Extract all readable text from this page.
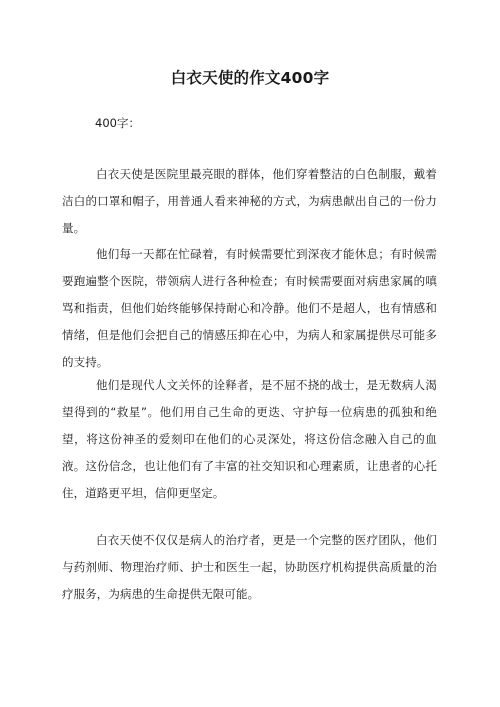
白衣天使的作文400字
400字：

白衣天使是医院里最亮眼的群体，他们穿着整洁的白色制服，戴着洁白的口罩和帽子，用普通人看来神秘的方式，为病患献出自己的一份力量。

他们每一天都在忙碌着，有时候需要忙到深夜才能休息；有时候需要跑遍整个医院，带领病人进行各种检查；有时候需要面对病患家属的嗔骂和指责，但他们始终能够保持耐心和冷静。他们不是超人，也有情感和情绪，但是他们会把自己的情感压抑在心中，为病人和家属提供尽可能多的支持。

他们是现代人文关怀的诠释者，是不屈不挠的战士，是无数病人渴望得到的“救星”。他们用自己生命的更迭、守护每一位病患的孤独和绝望，将这份神圣的爱刻印在他们的心灵深处，将这份信念融入自己的血液。这份信念，也让他们有了丰富的社交知识和心理素质，让患者的心托住，道路更平坦，信仰更坚定。

白衣天使不仅仅是病人的治疗者，更是一个完整的医疗团队，他们与药剂师、物理治疗师、护士和医生一起，协助医疗机构提供高质量的治疗服务，为病患的生命提供无限可能。
